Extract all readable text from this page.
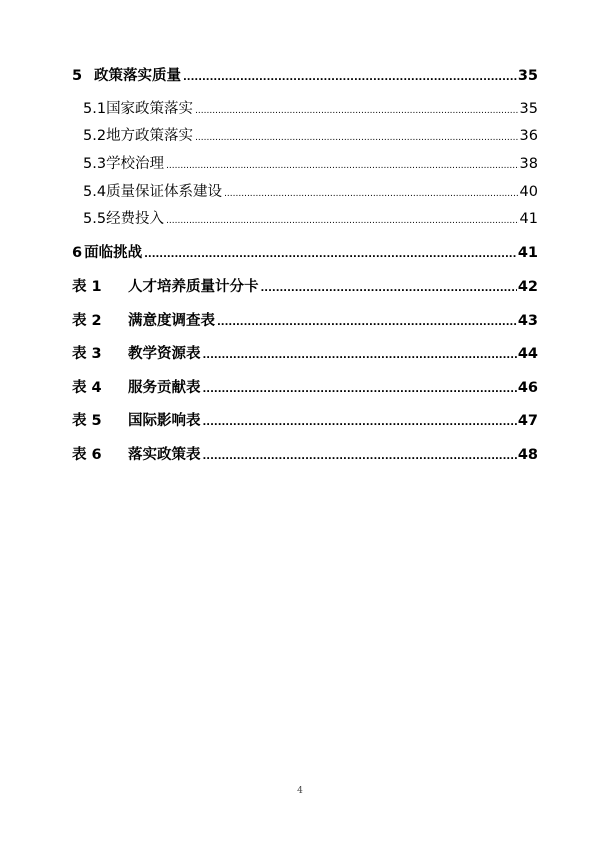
5 政策落实质量 .....	35
5.1 国家政策落实 .....	35
5.2 地方政策落实 .....	36
5.3 学校治理 .....	38
5.4 质量保证体系建设 .....	40
5.5 经费投入 .....	41
6 面临挑战 .....	41
表 1	人才培养质量计分卡 .....	42
表 2	满意度调查表 .....	43
表 3	教学资源表 .....	44
表 4	服务贡献表 .....	46
表 5	国际影响表 .....	47
表 6	落实政策表 .....	48
4
